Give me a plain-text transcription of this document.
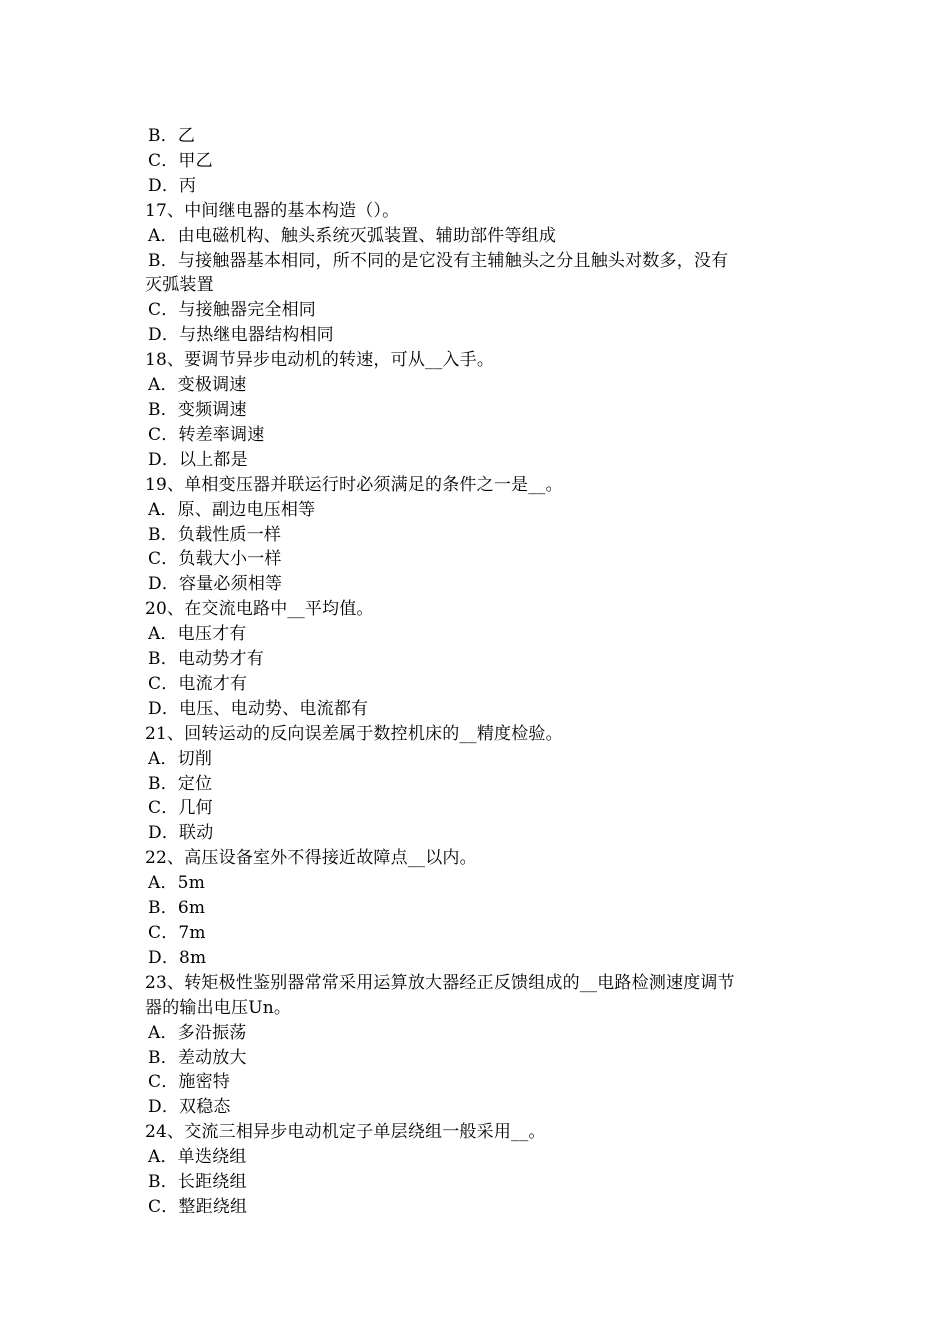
B．乙
C．甲乙
D．丙
17、中间继电器的基本构造（）。
A．由电磁机构、触头系统灭弧装置、辅助部件等组成
B．与接触器基本相同，所不同的是它没有主辅触头之分且触头对数多，没有
灭弧装置
C．与接触器完全相同
D．与热继电器结构相同
18、要调节异步电动机的转速，可从__入手。
A．变极调速
B．变频调速
C．转差率调速
D．以上都是
19、单相变压器并联运行时必须满足的条件之一是__。
A．原、副边电压相等
B．负载性质一样
C．负载大小一样
D．容量必须相等
20、在交流电路中__平均值。
A．电压才有
B．电动势才有
C．电流才有
D．电压、电动势、电流都有
21、回转运动的反向误差属于数控机床的__精度检验。
A．切削
B．定位
C．几何
D．联动
22、高压设备室外不得接近故障点__以内。
A．5m
B．6m
C．7m
D．8m
23、转矩极性鉴别器常常采用运算放大器经正反馈组成的__电路检测速度调节
器的输出电压Un。
A．多沿振荡
B．差动放大
C．施密特
D．双稳态
24、交流三相异步电动机定子单层绕组一般采用__。
A．单迭绕组
B．长距绕组
C．整距绕组
